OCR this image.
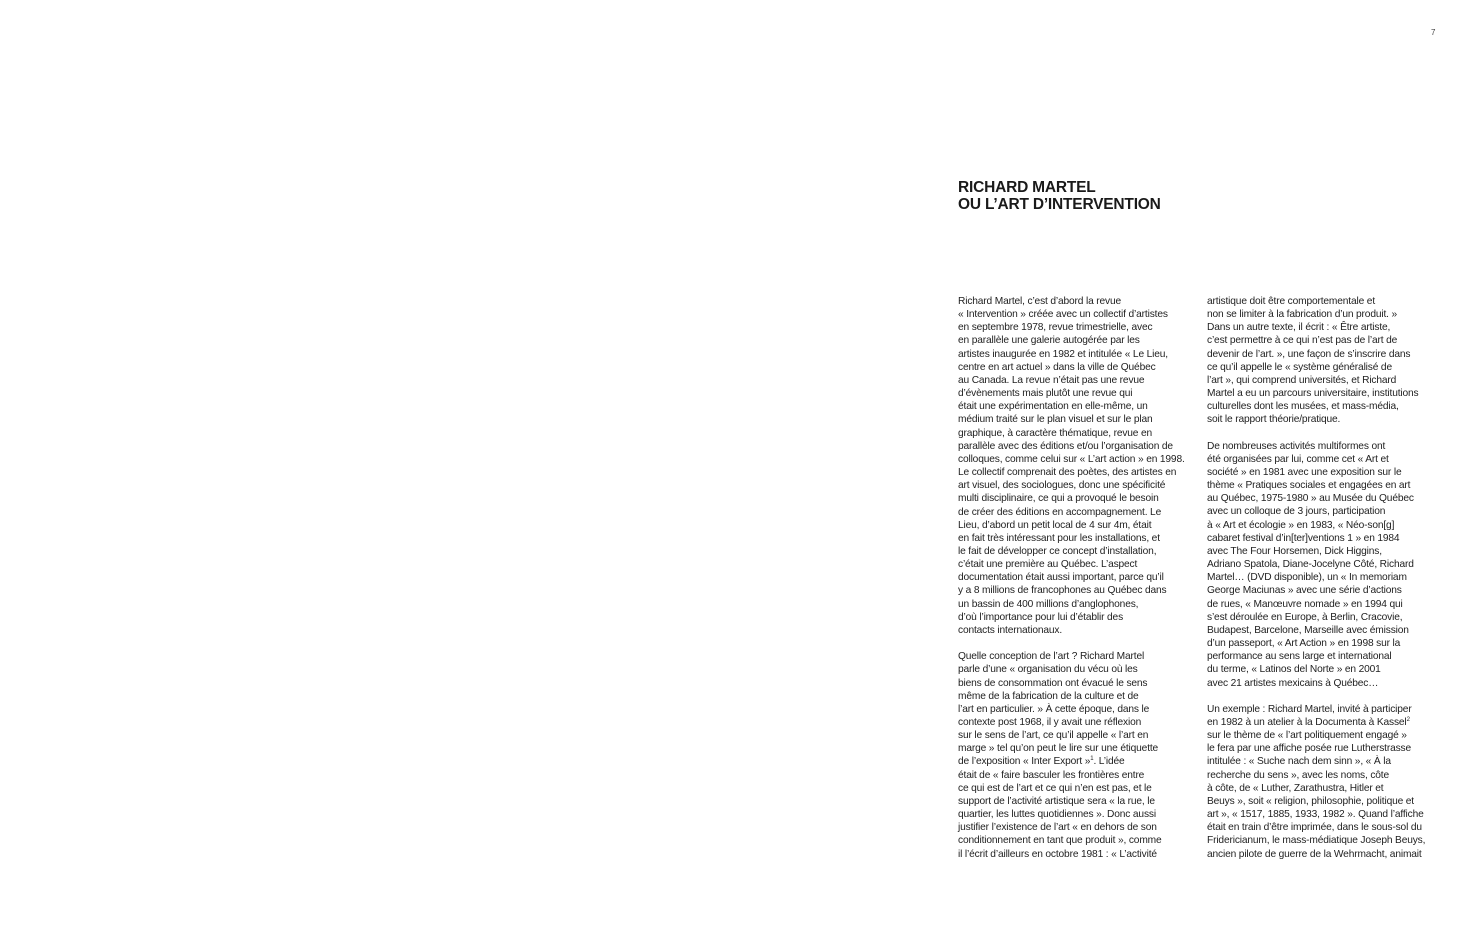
7
RICHARD MARTEL
OU L’ART D’INTERVENTION

Richard Martel, c’est d’abord la revue
« Intervention » créée avec un collectif d’artistes
en septembre 1978, revue trimestrielle, avec
en parallèle une galerie autogérée par les
artistes inaugurée en 1982 et intitulée « Le Lieu,
centre en art actuel » dans la ville de Québec
au Canada. La revue n’était pas une revue
d’évènements mais plutôt une revue qui
était une expérimentation en elle-même, un
médium traité sur le plan visuel et sur le plan
graphique, à caractère thématique, revue en
parallèle avec des éditions et/ou l’organisation de
colloques, comme celui sur « L’art action » en 1998.
Le collectif comprenait des poètes, des artistes en
art visuel, des sociologues, donc une spécificité
multi disciplinaire, ce qui a provoqué le besoin
de créer des éditions en accompagnement. Le
Lieu, d’abord un petit local de 4 sur 4m, était
en fait très intéressant pour les installations, et
le fait de développer ce concept d’installation,
c’était une première au Québec. L’aspect
documentation était aussi important, parce qu’il
y a 8 millions de francophones au Québec dans
un bassin de 400 millions d’anglophones,
d’où l’importance pour lui d’établir des
contacts internationaux.

Quelle conception de l’art ? Richard Martel
parle d’une « organisation du vécu où les
biens de consommation ont évacué le sens
même de la fabrication de la culture et de
l’art en particulier. » À cette époque, dans le
contexte post 1968, il y avait une réflexion
sur le sens de l’art, ce qu’il appelle « l’art en
marge » tel qu’on peut le lire sur une étiquette
de l’exposition « Inter Export »$^1$. L’idée
était de « faire basculer les frontières entre
ce qui est de l’art et ce qui n’en est pas, et le
support de l’activité artistique sera « la rue, le
quartier, les luttes quotidiennes ». Donc aussi
justifier l’existence de l’art « en dehors de son
conditionnement en tant que produit », comme
il l’écrit d’ailleurs en octobre 1981 : « L’activité

artistique doit être comportementale et
non se limiter à la fabrication d’un produit. »
Dans un autre texte, il écrit : « Être artiste,
c’est permettre à ce qui n’est pas de l’art de
devenir de l’art. », une façon de s’inscrire dans
ce qu’il appelle le « système généralisé de
l’art », qui comprend universités, et Richard
Martel a eu un parcours universitaire, institutions
culturelles dont les musées, et mass-média,
soit le rapport théorie/pratique.

De nombreuses activités multiformes ont
été organisées par lui, comme cet « Art et
société » en 1981 avec une exposition sur le
thème « Pratiques sociales et engagées en art
au Québec, 1975-1980 » au Musée du Québec
avec un colloque de 3 jours, participation
à « Art et écologie » en 1983, « Néo-son[g]
cabaret festival d’in[ter]ventions 1 » en 1984
avec The Four Horsemen, Dick Higgins,
Adriano Spatola, Diane-Jocelyne Côté, Richard
Martel… (DVD disponible), un « In memoriam
George Maciunas » avec une série d’actions
de rues, « Manœuvre nomade » en 1994 qui
s’est déroulée en Europe, à Berlin, Cracovie,
Budapest, Barcelone, Marseille avec émission
d’un passeport, « Art Action » en 1998 sur la
performance au sens large et international
du terme, « Latinos del Norte » en 2001
avec 21 artistes mexicains à Québec…

Un exemple : Richard Martel, invité à participer
en 1982 à un atelier à la Documenta à Kassel$^2$
sur le thème de « l’art politiquement engagé »
le fera par une affiche posée rue Lutherstrasse
intitulée : « Suche nach dem sinn », « À la
recherche du sens », avec les noms, côte
à côte, de « Luther, Zarathustra, Hitler et
Beuys », soit « religion, philosophie, politique et
art », « 1517, 1885, 1933, 1982 ». Quand l’affiche
était en train d’être imprimée, dans le sous-sol du
Fridericianum, le mass-médiatique Joseph Beuys,
ancien pilote de guerre de la Wehrmacht, animait
